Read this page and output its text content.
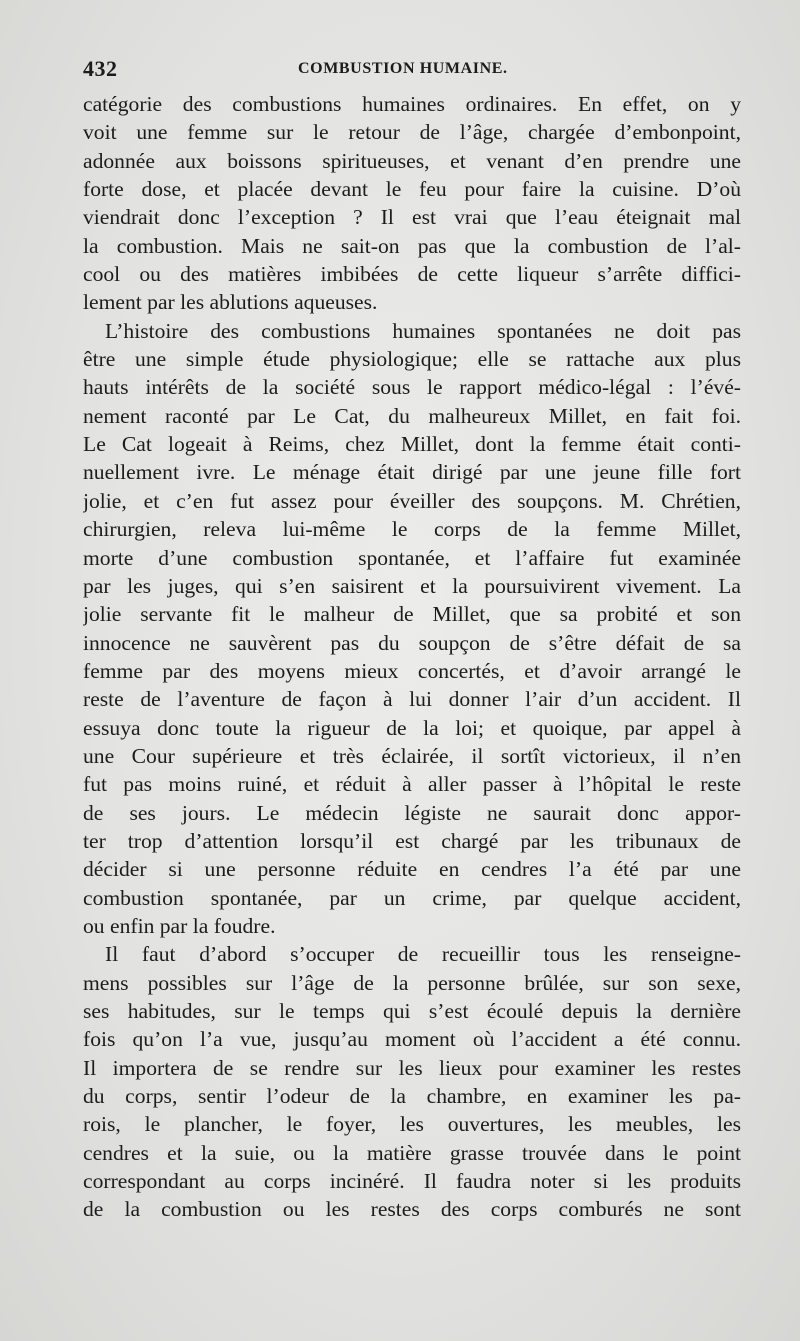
432	COMBUSTION HUMAINE.
catégorie des combustions humaines ordinaires. En effet, on y
voit une femme sur le retour de l’âge, chargée d’embonpoint,
adonnée aux boissons spiritueuses, et venant d’en prendre une
forte dose, et placée devant le feu pour faire la cuisine. D’où
viendrait donc l’exception ? Il est vrai que l’eau éteignait mal
la combustion. Mais ne sait-on pas que la combustion de l’al-
cool ou des matières imbibées de cette liqueur s’arrête diffici-
lement par les ablutions aqueuses.
L’histoire des combustions humaines spontanées ne doit pas
être une simple étude physiologique; elle se rattache aux plus
hauts intérêts de la société sous le rapport médico-légal : l’évé-
nement raconté par Le Cat, du malheureux Millet, en fait foi.
Le Cat logeait à Reims, chez Millet, dont la femme était conti-
nuellement ivre. Le ménage était dirigé par une jeune fille fort
jolie, et c’en fut assez pour éveiller des soupçons. M. Chrétien,
chirurgien, releva lui-même le corps de la femme Millet,
morte d’une combustion spontanée, et l’affaire fut examinée
par les juges, qui s’en saisirent et la poursuivirent vivement. La
jolie servante fit le malheur de Millet, que sa probité et son
innocence ne sauvèrent pas du soupçon de s’être défait de sa
femme par des moyens mieux concertés, et d’avoir arrangé le
reste de l’aventure de façon à lui donner l’air d’un accident. Il
essuya donc toute la rigueur de la loi; et quoique, par appel à
une Cour supérieure et très éclairée, il sortît victorieux, il n’en
fut pas moins ruiné, et réduit à aller passer à l’hôpital le reste
de ses jours. Le médecin légiste ne saurait donc appor-
ter trop d’attention lorsqu’il est chargé par les tribunaux de
décider si une personne réduite en cendres l’a été par une
combustion spontanée, par un crime, par quelque accident,
ou enfin par la foudre.
Il faut d’abord s’occuper de recueillir tous les renseigne-
mens possibles sur l’âge de la personne brûlée, sur son sexe,
ses habitudes, sur le temps qui s’est écoulé depuis la dernière
fois qu’on l’a vue, jusqu’au moment où l’accident a été connu.
Il importera de se rendre sur les lieux pour examiner les restes
du corps, sentir l’odeur de la chambre, en examiner les pa-
rois, le plancher, le foyer, les ouvertures, les meubles, les
cendres et la suie, ou la matière grasse trouvée dans le point
correspondant au corps incinéré. Il faudra noter si les produits
de la combustion ou les restes des corps comburés ne sont
